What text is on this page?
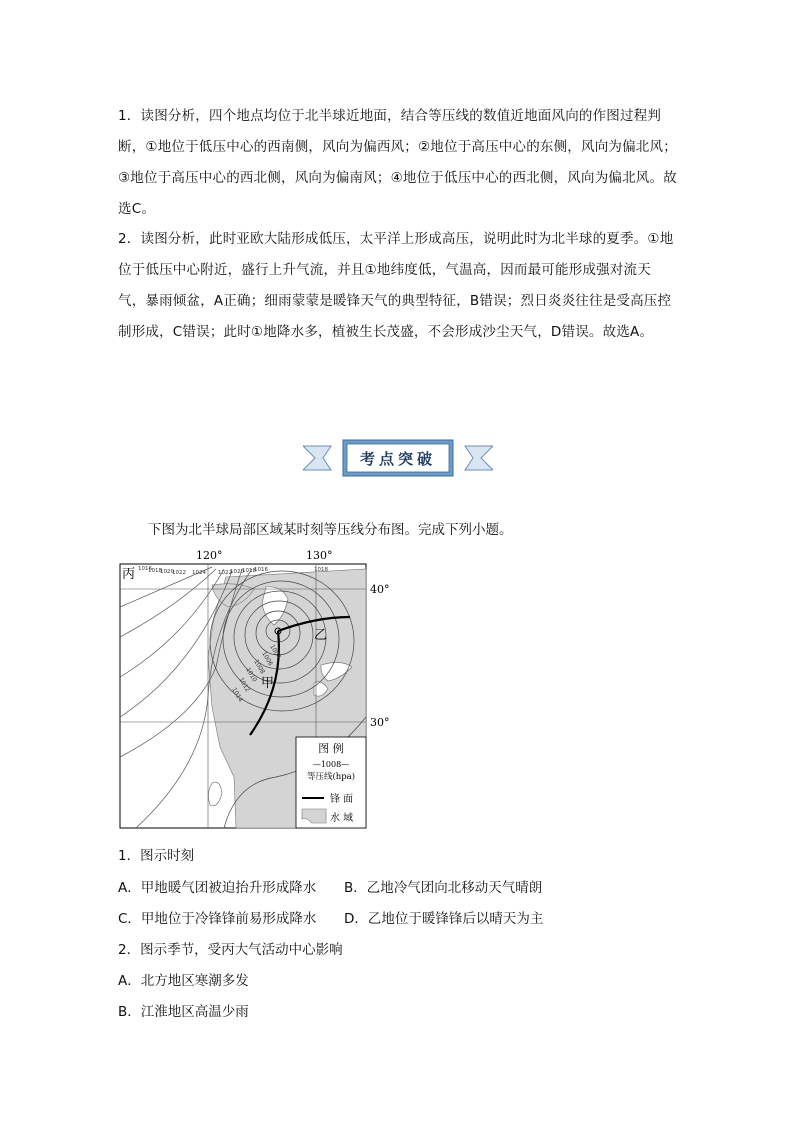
1．读图分析，四个地点均位于北半球近地面，结合等压线的数值近地面风向的作图过程判断，①地位于低压中心的西南侧，风向为偏西风；②地位于高压中心的东侧，风向为偏北风；③地位于高压中心的西北侧，风向为偏南风；④地位于低压中心的西北侧，风向为偏北风。故选C。
2．读图分析，此时亚欧大陆形成低压，太平洋上形成高压，说明此时为北半球的夏季。①地位于低压中心附近，盛行上升气流，并且①地纬度低，气温高，因而最可能形成强对流天气，暴雨倾盆，A正确；细雨蒙蒙是暖锋天气的典型特征，B错误；烈日炎炎往往是受高压控制形成，C错误；此时①地降水多，植被生长茂盛，不会形成沙尘天气，D错误。故选A。
考点突破
下图为北半球局部区域某时刻等压线分布图。完成下列小题。
120°	130°
40°
30°
丙
乙
甲
1016
1018
1020
1022 1024 1022
1020
1018
1016	1018
1004
1006
1008
1010
1012
1014
图 例
—1008—
等压线(hpa)
锋 面
水 域
1．图示时刻
A．甲地暖气团被迫抬升形成降水 B．乙地冷气团向北移动天气晴朗
C．甲地位于冷锋锋前易形成降水 D．乙地位于暖锋锋后以晴天为主
2．图示季节，受丙大气活动中心影响
A．北方地区寒潮多发
B．江淮地区高温少雨
